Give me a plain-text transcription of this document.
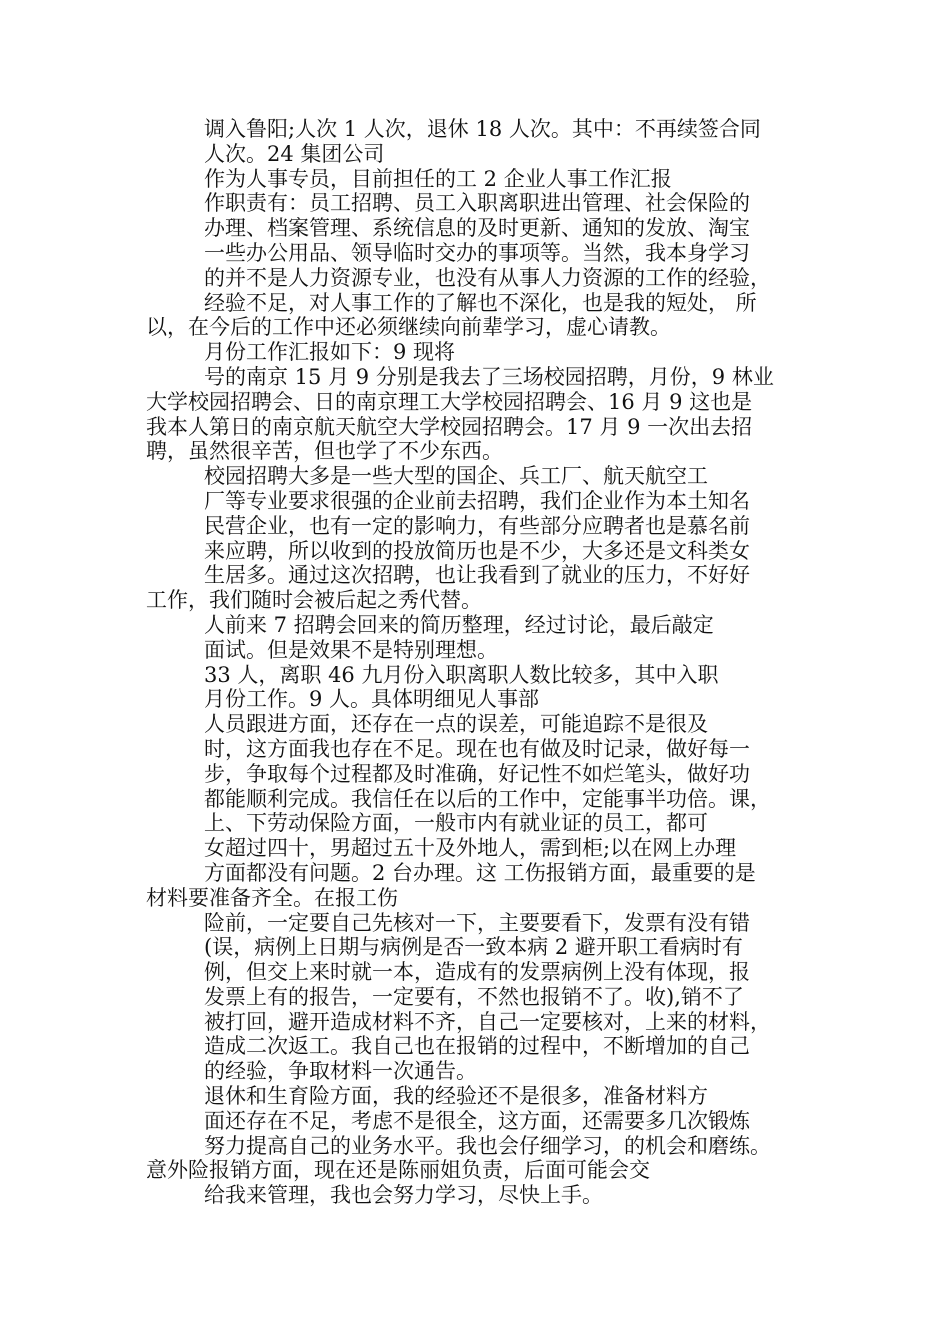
调入鲁阳;人次 1 人次，退休 18 人次。其中：不再续签合同
人次。24 集团公司
作为人事专员，目前担任的工 2 企业人事工作汇报
作职责有：员工招聘、员工入职离职进出管理、社会保险的
办理、档案管理、系统信息的及时更新、通知的发放、淘宝
一些办公用品、领导临时交办的事项等。当然，我本身学习
的并不是人力资源专业，也没有从事人力资源的工作的经验，
经验不足，对人事工作的了解也不深化，也是我的短处， 所
以，在今后的工作中还必须继续向前辈学习，虚心请教。
月份工作汇报如下：9 现将
号的南京 15 月 9 分别是我去了三场校园招聘，月份，9 林业
大学校园招聘会、日的南京理工大学校园招聘会、16 月 9 这也是
我本人第日的南京航天航空大学校园招聘会。17 月 9 一次出去招
聘，虽然很辛苦，但也学了不少东西。
校园招聘大多是一些大型的国企、兵工厂、航天航空工
厂等专业要求很强的企业前去招聘，我们企业作为本土知名
民营企业，也有一定的影响力，有些部分应聘者也是慕名前
来应聘，所以收到的投放简历也是不少，大多还是文科类女
生居多。通过这次招聘，也让我看到了就业的压力，不好好
工作，我们随时会被后起之秀代替。
人前来 7 招聘会回来的简历整理，经过讨论，最后敲定
面试。但是效果不是特别理想。
33 人，离职 46 九月份入职离职人数比较多，其中入职
月份工作。9 人。具体明细见人事部
人员跟进方面，还存在一点的误差，可能追踪不是很及
时，这方面我也存在不足。现在也有做及时记录，做好每一
步，争取每个过程都及时准确，好记性不如烂笔头，做好功
都能顺利完成。我信任在以后的工作中，定能事半功倍。课，
上、下劳动保险方面，一般市内有就业证的员工，都可
女超过四十，男超过五十及外地人，需到柜;以在网上办理
方面都没有问题。2 台办理。这 工伤报销方面，最重要的是
材料要准备齐全。在报工伤
险前，一定要自己先核对一下，主要要看下，发票有没有错
(误，病例上日期与病例是否一致本病 2 避开职工看病时有
例，但交上来时就一本，造成有的发票病例上没有体现，报
发票上有的报告，一定要有，不然也报销不了。收),销不了
被打回，避开造成材料不齐，自己一定要核对，上来的材料，
造成二次返工。我自己也在报销的过程中，不断增加的自己
的经验，争取材料一次通告。
退休和生育险方面，我的经验还不是很多，准备材料方
面还存在不足，考虑不是很全，这方面，还需要多几次锻炼
努力提高自己的业务水平。我也会仔细学习，的机会和磨练。
意外险报销方面，现在还是陈丽姐负责，后面可能会交
给我来管理，我也会努力学习，尽快上手。
